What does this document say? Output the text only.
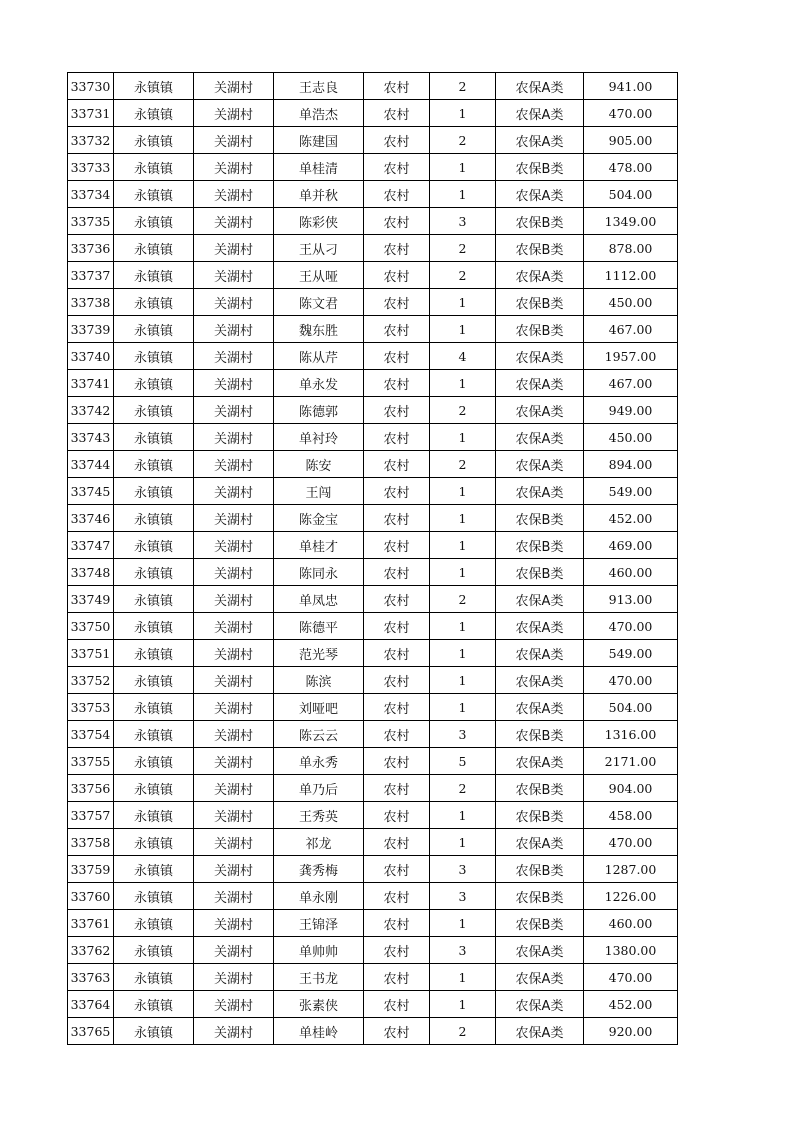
33730	永镇镇	关湖村	王志良	农村	2	农保A类	941.00
33731	永镇镇	关湖村	单浩杰	农村	1	农保A类	470.00
33732	永镇镇	关湖村	陈建国	农村	2	农保A类	905.00
33733	永镇镇	关湖村	单桂清	农村	1	农保B类	478.00
33734	永镇镇	关湖村	单并秋	农村	1	农保A类	504.00
33735	永镇镇	关湖村	陈彩侠	农村	3	农保B类	1349.00
33736	永镇镇	关湖村	王从刁	农村	2	农保B类	878.00
33737	永镇镇	关湖村	王从哑	农村	2	农保A类	1112.00
33738	永镇镇	关湖村	陈文君	农村	1	农保B类	450.00
33739	永镇镇	关湖村	魏东胜	农村	1	农保B类	467.00
33740	永镇镇	关湖村	陈从芹	农村	4	农保A类	1957.00
33741	永镇镇	关湖村	单永发	农村	1	农保A类	467.00
33742	永镇镇	关湖村	陈德郭	农村	2	农保A类	949.00
33743	永镇镇	关湖村	单衬玲	农村	1	农保A类	450.00
33744	永镇镇	关湖村	陈安	农村	2	农保A类	894.00
33745	永镇镇	关湖村	王闯	农村	1	农保A类	549.00
33746	永镇镇	关湖村	陈金宝	农村	1	农保B类	452.00
33747	永镇镇	关湖村	单桂才	农村	1	农保B类	469.00
33748	永镇镇	关湖村	陈同永	农村	1	农保B类	460.00
33749	永镇镇	关湖村	单凤忠	农村	2	农保A类	913.00
33750	永镇镇	关湖村	陈德平	农村	1	农保A类	470.00
33751	永镇镇	关湖村	范光琴	农村	1	农保A类	549.00
33752	永镇镇	关湖村	陈滨	农村	1	农保A类	470.00
33753	永镇镇	关湖村	刘哑吧	农村	1	农保A类	504.00
33754	永镇镇	关湖村	陈云云	农村	3	农保B类	1316.00
33755	永镇镇	关湖村	单永秀	农村	5	农保A类	2171.00
33756	永镇镇	关湖村	单乃后	农村	2	农保B类	904.00
33757	永镇镇	关湖村	王秀英	农村	1	农保B类	458.00
33758	永镇镇	关湖村	祁龙	农村	1	农保A类	470.00
33759	永镇镇	关湖村	龚秀梅	农村	3	农保B类	1287.00
33760	永镇镇	关湖村	单永刚	农村	3	农保B类	1226.00
33761	永镇镇	关湖村	王锦泽	农村	1	农保B类	460.00
33762	永镇镇	关湖村	单帅帅	农村	3	农保A类	1380.00
33763	永镇镇	关湖村	王书龙	农村	1	农保A类	470.00
33764	永镇镇	关湖村	张素侠	农村	1	农保A类	452.00
33765	永镇镇	关湖村	单桂岭	农村	2	农保A类	920.00
